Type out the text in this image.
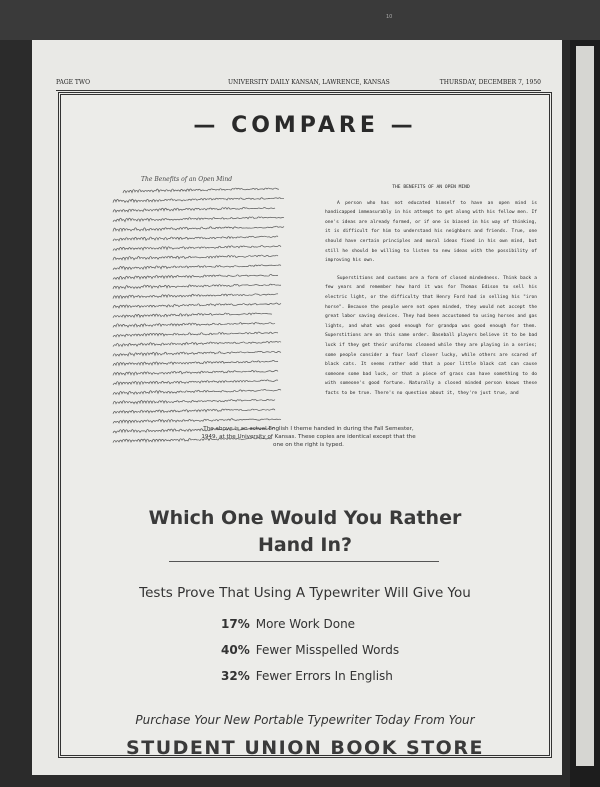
10
PAGE TWO	UNIVERSITY DAILY KANSAN, LAWRENCE, KANSAS	THURSDAY, DECEMBER 7, 1950
— COMPARE —
The Benefits of an Open Mind
THE BENEFITS OF AN OPEN MIND

A person who has not educated himself to have an open mind is handicapped immeasurably in his attempt to get along with his fellow men. If one's ideas are already formed, or if one is biased in his way of thinking, it is difficult for him to understand his neighbors and friends. True, one should have certain principles and moral ideas fixed in his own mind, but still he should be willing to listen to new ideas with the possibility of improving his own.

Superstitions and customs are a form of closed mindedness. Think back a few years and remember how hard it was for Thomas Edison to sell his electric light, or the difficulty that Henry Ford had in selling his "iron horse". Because the people were not open minded, they would not accept the great labor saving devices. They had been accustomed to using horses and gas lights, and what was good enough for grandpa was good enough for them. Superstitions are on this same order. Baseball players believe it to be bad luck if they get their uniforms cleaned while they are playing in a series; some people consider a four leaf clover lucky, while others are scared of black cats. It seems rather odd that a poor little black cat can cause someone some bad luck, or that a piece of grass can have something to do with someone's good fortune. Naturally a closed minded person knows these facts to be true. There's no question about it, they're just true, and

The above is an actual English I theme handed in during the Fall Semester, 1949, at the University of Kansas. These copies are identical except that the one on the right is typed.
Which One Would You Rather
Hand In?
Tests Prove That Using A Typewriter Will Give You
17% More Work Done
40% Fewer Misspelled Words
32% Fewer Errors In English
Purchase Your New Portable Typewriter Today From Your
STUDENT UNION BOOK STORE
